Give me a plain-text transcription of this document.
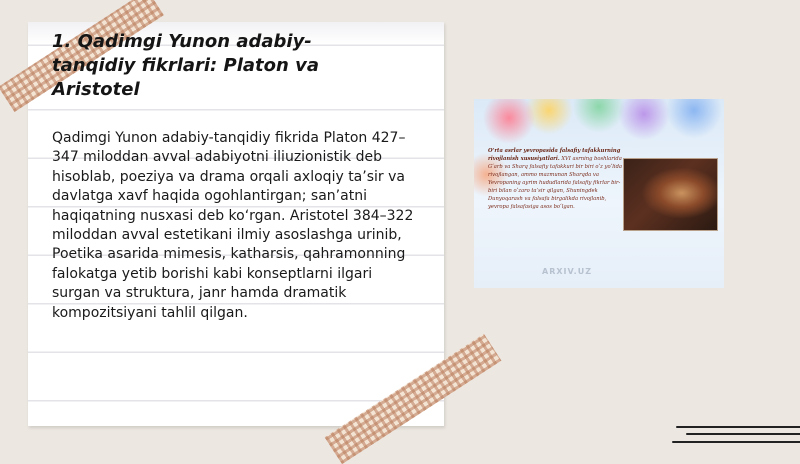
1. Qadimgi Yunon adabiy-tanqidiy fikrlari: Platon va Aristotel

Qadimgi Yunon adabiy-tanqidiy fikrida Platon 427–347 miloddan avval adabiyotni iliuzionistik deb hisoblab, poeziya va drama orqali axloqiy ta’sir va davlatga xavf haqida ogohlantirgan; san’atni haqiqatning nusxasi deb ko‘rgan. Aristotel 384–322 miloddan avval estetikani ilmiy asoslashga urinib, Poetika asarida mimesis, katharsis, qahramonning falokatga yetib borishi kabi konseptlarni ilgari surgan va struktura, janr hamda dramatik kompozitsiyani tahlil qilgan.

O‘rta asrlar yevropasida falsafiy tafakkurning rivojlanish xususiyatlari. XVI asrning boshlarida G‘arb va Sharq falsafiy tafakkuri bir biri o‘z yo‘lida rivojlangan, ammo mazmunan Sharqda va Yevropaning ayrim hududlarida falsafiy fikrlar bir-biri bilan o‘zaro ta’sir qilgan, Shuningdek Dunyoqarash va falsafa birgalikda rivojlanib, yevropa falsafasiga asos bo‘lgan.

ARXIV.UZ
